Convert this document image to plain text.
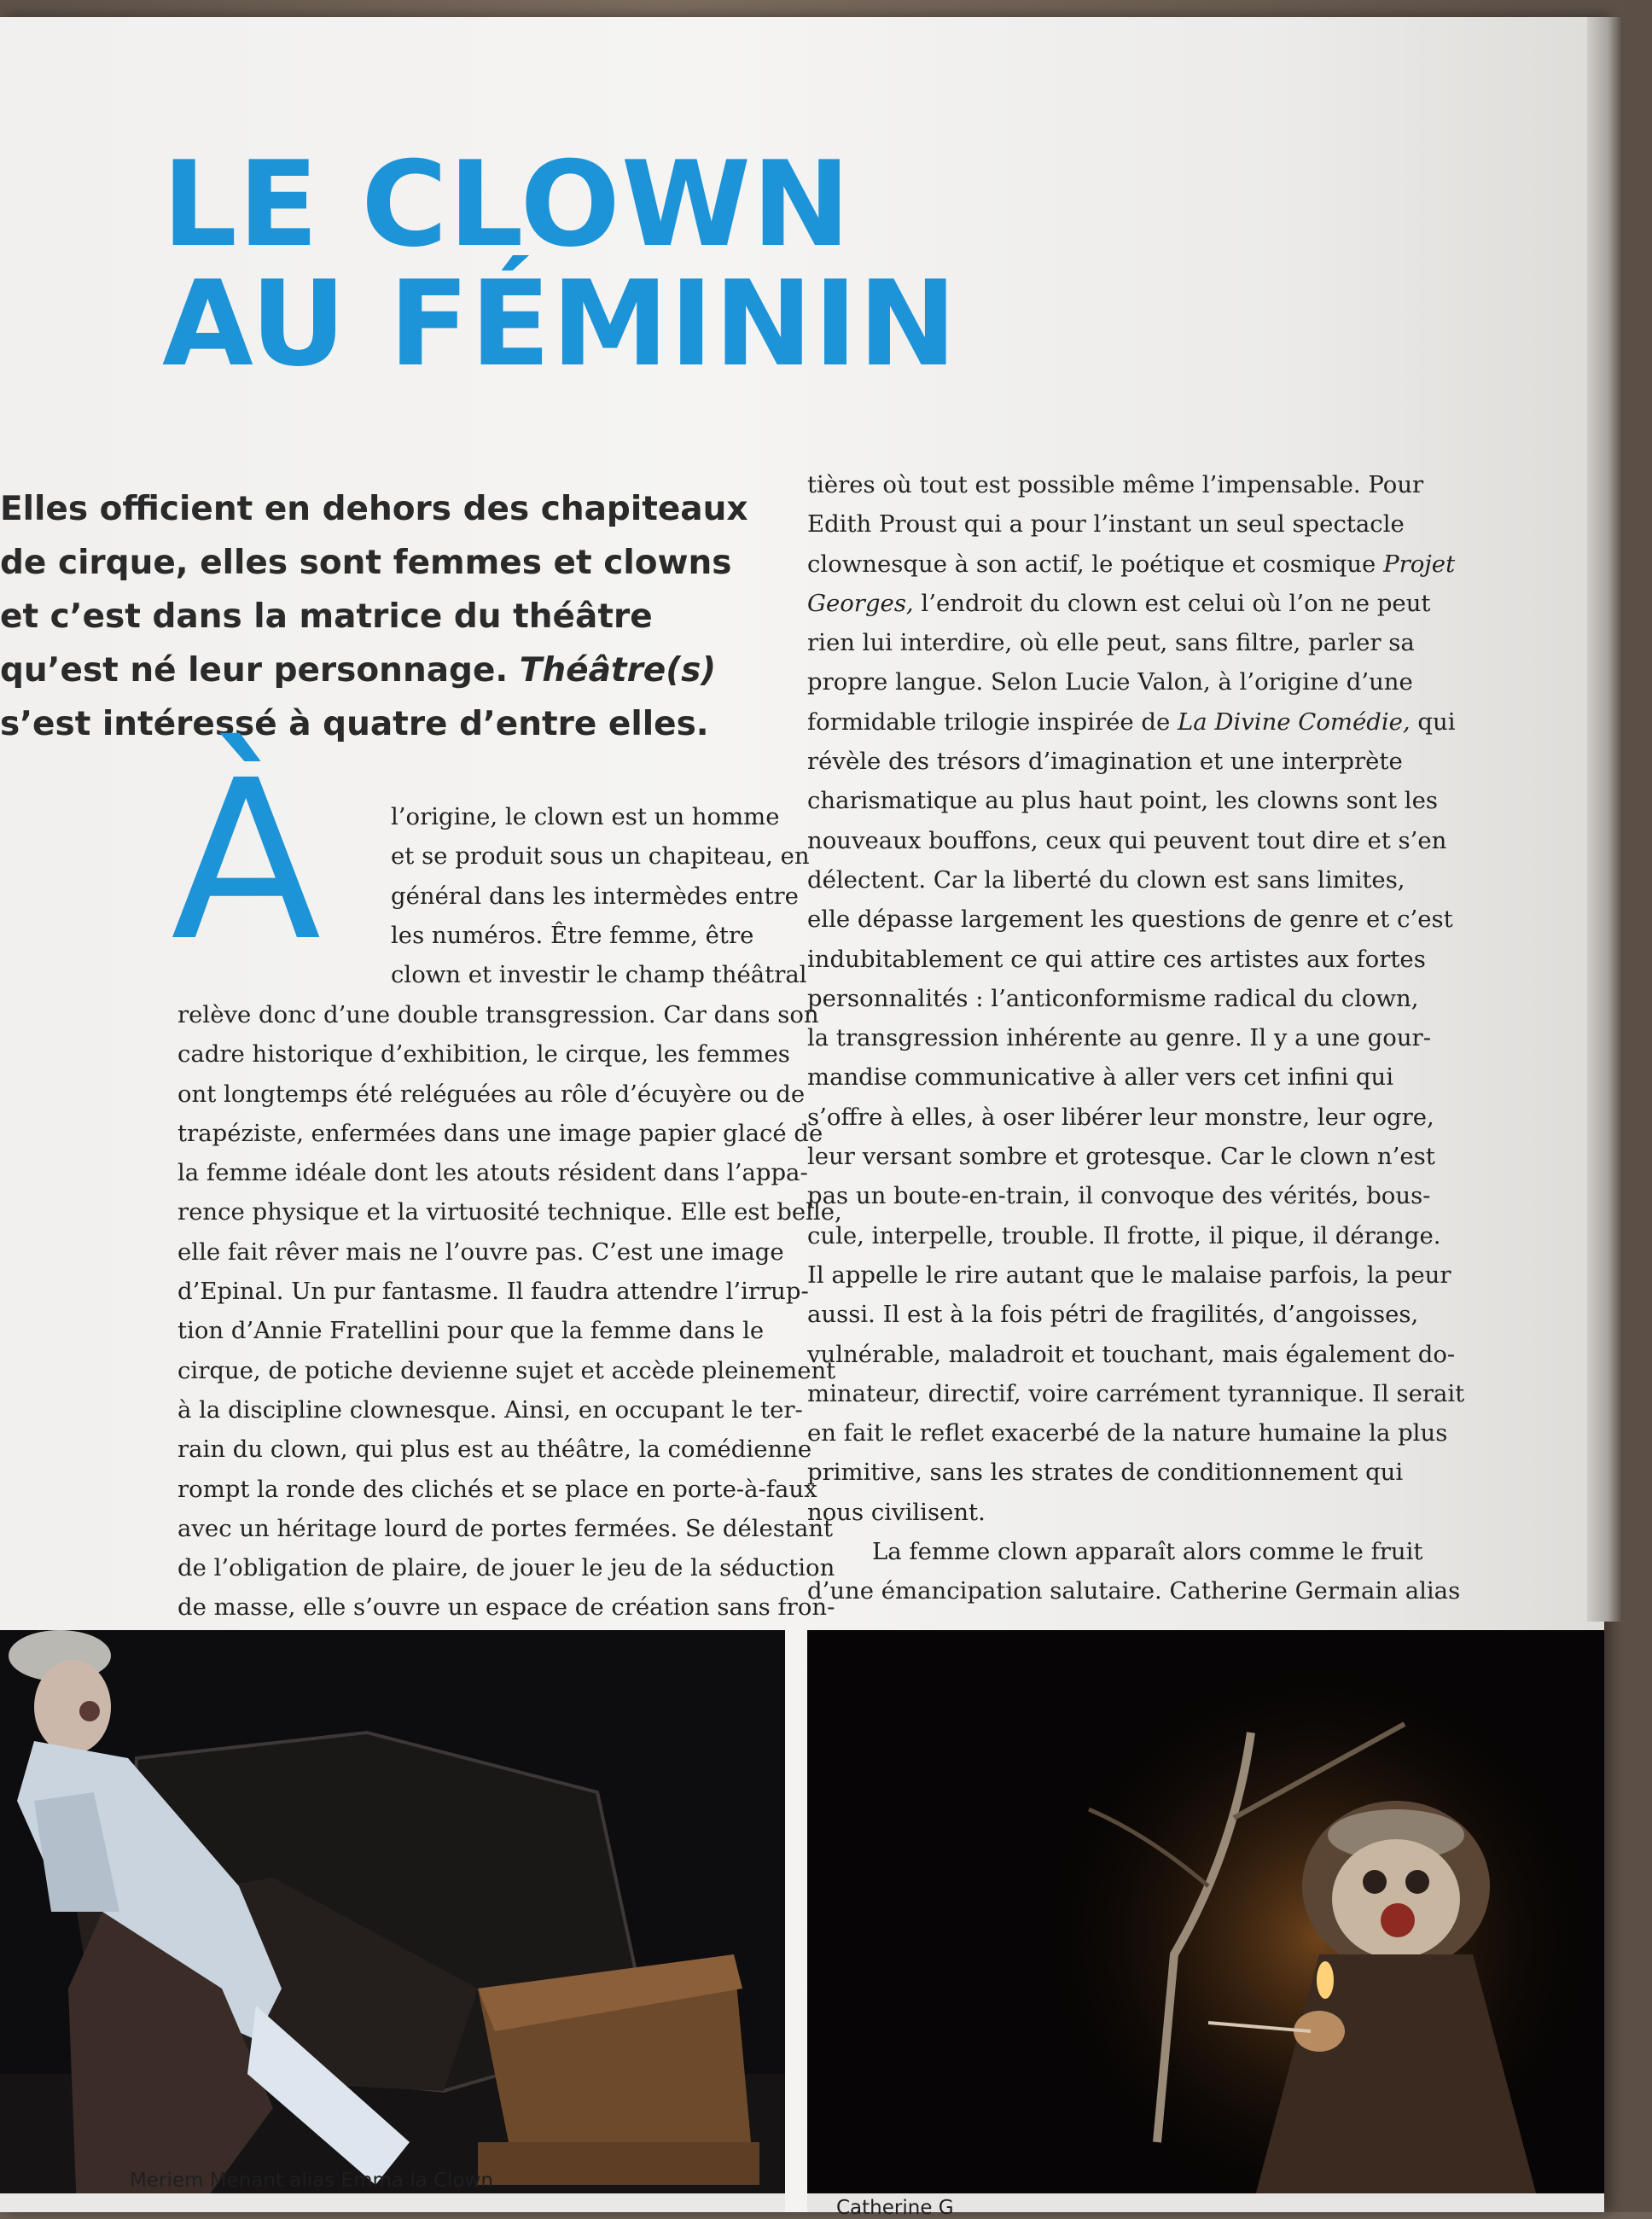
LE CLOWN
AU FÉMININ

Elles officient en dehors des chapiteaux
de cirque, elles sont femmes et clowns
et c’est dans la matrice du théâtre
qu’est né leur personnage. Théâtre(s)
s’est intéressé à quatre d’entre elles.

À	l’origine, le clown est un homme
et se produit sous un chapiteau, en
général dans les intermèdes entre
les numéros. Être femme, être
clown et investir le champ théâtral
relève donc d’une double transgression. Car dans son
cadre historique d’exhibition, le cirque, les femmes
ont longtemps été reléguées au rôle d’écuyère ou de
trapéziste, enfermées dans une image papier glacé de
la femme idéale dont les atouts résident dans l’appa-
rence physique et la virtuosité technique. Elle est belle,
elle fait rêver mais ne l’ouvre pas. C’est une image
d’Epinal. Un pur fantasme. Il faudra attendre l’irrup-
tion d’Annie Fratellini pour que la femme dans le
cirque, de potiche devienne sujet et accède pleinement
à la discipline clownesque. Ainsi, en occupant le ter-
rain du clown, qui plus est au théâtre, la comédienne
rompt la ronde des clichés et se place en porte-à-faux
avec un héritage lourd de portes fermées. Se délestant
de l’obligation de plaire, de jouer le jeu de la séduction
de masse, elle s’ouvre un espace de création sans fron-
tières où tout est possible même l’impensable. Pour
Edith Proust qui a pour l’instant un seul spectacle
clownesque à son actif, le poétique et cosmique Projet
Georges, l’endroit du clown est celui où l’on ne peut
rien lui interdire, où elle peut, sans filtre, parler sa
propre langue. Selon Lucie Valon, à l’origine d’une
formidable trilogie inspirée de La Divine Comédie, qui
révèle des trésors d’imagination et une interprète
charismatique au plus haut point, les clowns sont les
nouveaux bouffons, ceux qui peuvent tout dire et s’en
délectent. Car la liberté du clown est sans limites,
elle dépasse largement les questions de genre et c’est
indubitablement ce qui attire ces artistes aux fortes
personnalités : l’anticonformisme radical du clown,
la transgression inhérente au genre. Il y a une gour-
mandise communicative à aller vers cet infini qui
s’offre à elles, à oser libérer leur monstre, leur ogre,
leur versant sombre et grotesque. Car le clown n’est
pas un boute-en-train, il convoque des vérités, bous-
cule, interpelle, trouble. Il frotte, il pique, il dérange.
Il appelle le rire autant que le malaise parfois, la peur
aussi. Il est à la fois pétri de fragilités, d’angoisses,
vulnérable, maladroit et touchant, mais également do-
minateur, directif, voire carrément tyrannique. Il serait
en fait le reflet exacerbé de la nature humaine la plus
primitive, sans les strates de conditionnement qui
nous civilisent.
La femme clown apparaît alors comme le fruit
d’une émancipation salutaire. Catherine Germain alias

Meriem Menant alias Emma la Clown

Catherine G
